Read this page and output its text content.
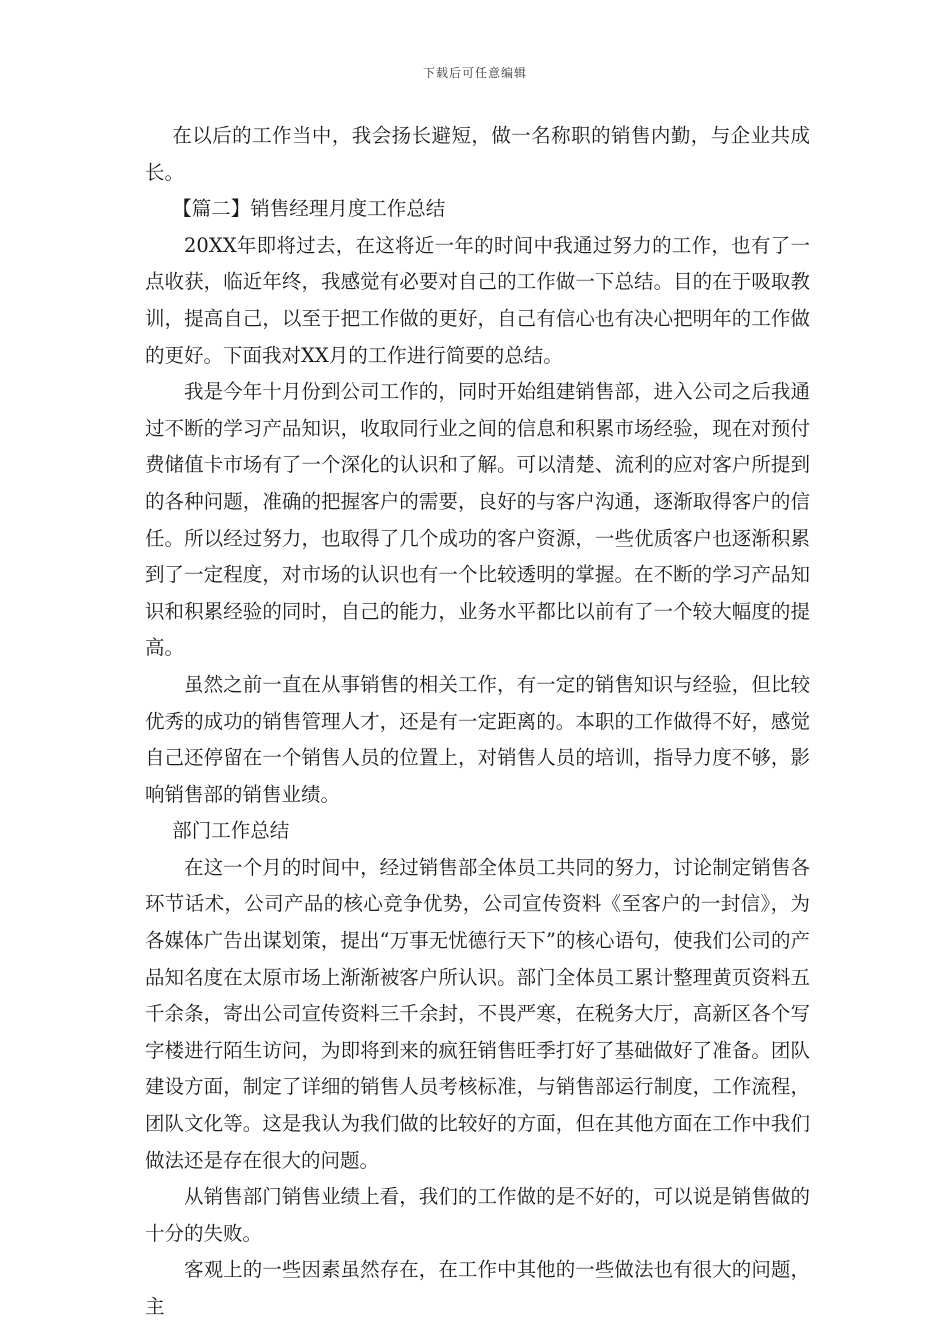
下载后可任意编辑

在以后的工作当中，我会扬长避短，做一名称职的销售内勤，与企业共成长。

【篇二】销售经理月度工作总结

20XX年即将过去，在这将近一年的时间中我通过努力的工作，也有了一点收获，临近年终，我感觉有必要对自己的工作做一下总结。目的在于吸取教训，提高自己，以至于把工作做的更好，自己有信心也有决心把明年的工作做的更好。下面我对XX月的工作进行简要的总结。

我是今年十月份到公司工作的，同时开始组建销售部，进入公司之后我通过不断的学习产品知识，收取同行业之间的信息和积累市场经验，现在对预付费储值卡市场有了一个深化的认识和了解。可以清楚、流利的应对客户所提到的各种问题，准确的把握客户的需要，良好的与客户沟通，逐渐取得客户的信任。所以经过努力，也取得了几个成功的客户资源，一些优质客户也逐渐积累到了一定程度，对市场的认识也有一个比较透明的掌握。在不断的学习产品知识和积累经验的同时，自己的能力，业务水平都比以前有了一个较大幅度的提高。

虽然之前一直在从事销售的相关工作，有一定的销售知识与经验，但比较优秀的成功的销售管理人才，还是有一定距离的。本职的工作做得不好，感觉自己还停留在一个销售人员的位置上，对销售人员的培训，指导力度不够，影响销售部的销售业绩。

部门工作总结

在这一个月的时间中，经过销售部全体员工共同的努力，讨论制定销售各环节话术，公司产品的核心竞争优势，公司宣传资料《至客户的一封信》，为各媒体广告出谋划策，提出“万事无忧德行天下”的核心语句，使我们公司的产品知名度在太原市场上渐渐被客户所认识。部门全体员工累计整理黄页资料五千余条，寄出公司宣传资料三千余封，不畏严寒，在税务大厅，高新区各个写字楼进行陌生访问，为即将到来的疯狂销售旺季打好了基础做好了准备。团队建设方面，制定了详细的销售人员考核标准，与销售部运行制度，工作流程，团队文化等。这是我认为我们做的比较好的方面，但在其他方面在工作中我们做法还是存在很大的问题。

从销售部门销售业绩上看，我们的工作做的是不好的，可以说是销售做的十分的失败。

客观上的一些因素虽然存在，在工作中其他的一些做法也有很大的问题，主
